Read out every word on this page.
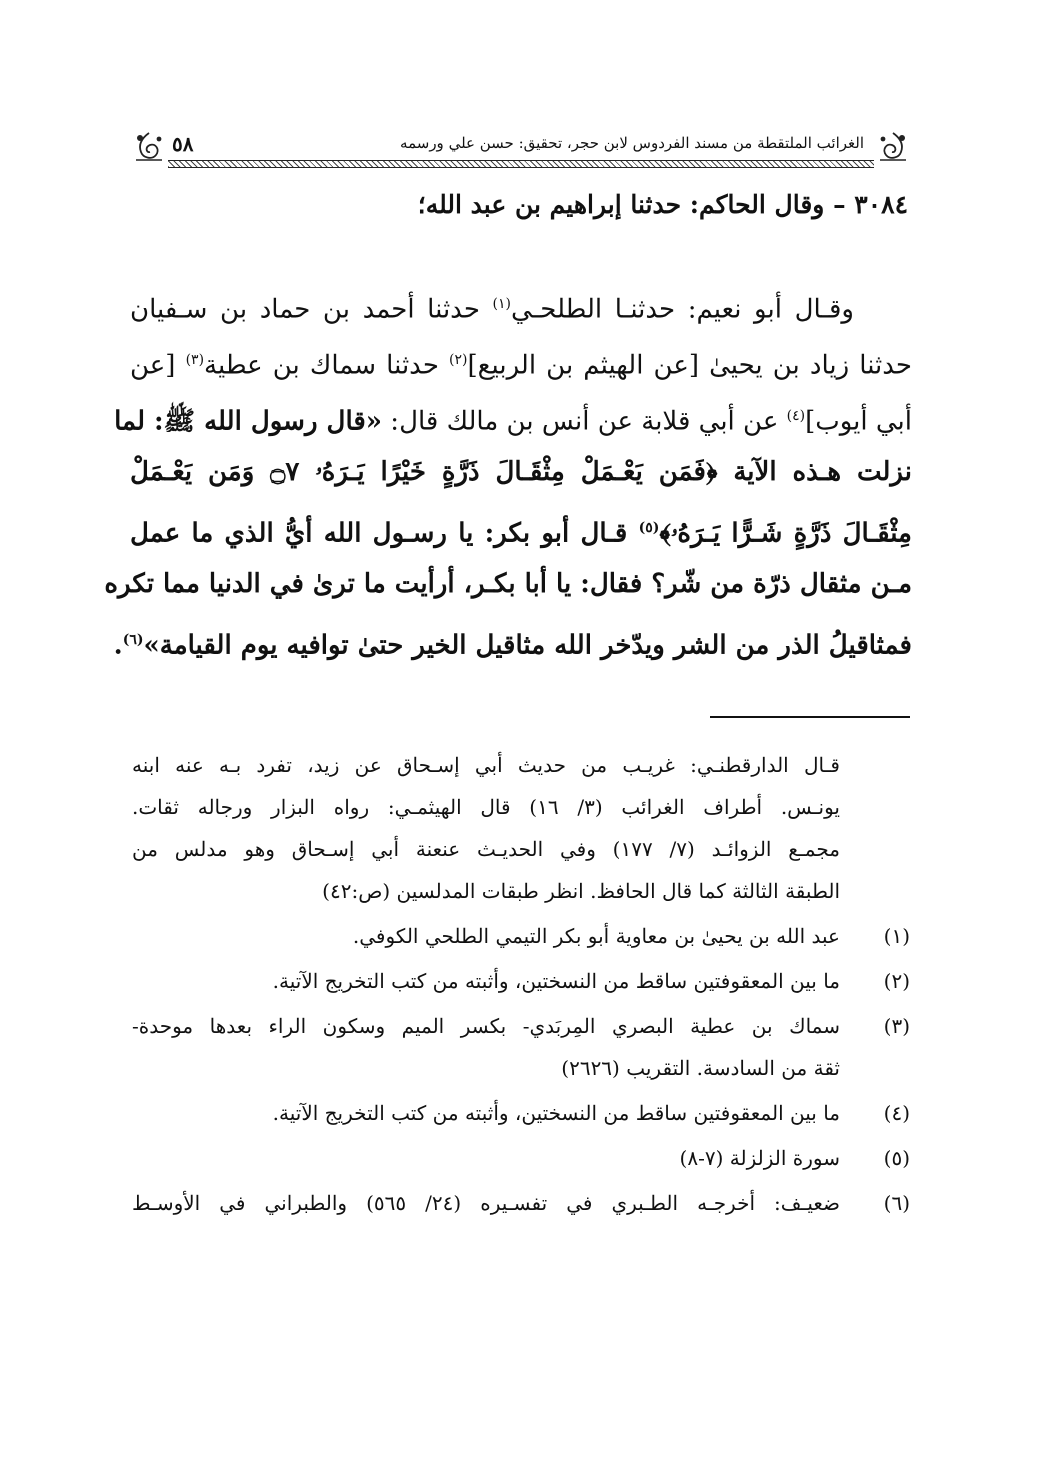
٥٨	الغرائب الملتقطة من مسند الفردوس لابن حجر، تحقيق: حسن علي ورسمه
٣٠٨٤ – وقال الحاكم: حدثنا إبراهيم بن عبد الله؛
وقـال أبو نعيم: حدثنـا الطلحـي$^{(١)}$ حدثنا أحمد بن حماد بن سـفيان
حدثنا زياد بن يحيىٰ [عن الهيثم بن الربيع]$^{(٢)}$ حدثنا سماك بن عطية$^{(٣)}$ [عن
أبي أيوب]$^{(٤)}$ عن أبي قلابة عن أنس بن مالك قال: «قال رسول الله ﷺ: لما
نزلت هـذه الآية ﴿فَمَن يَعْـمَلْ مِثْقَـالَ ذَرَّةٍ خَيْرًا يَـرَهُۥ ۝٧ وَمَن يَعْـمَلْ
مِثْقَـالَ ذَرَّةٍ شَـرًّا يَـرَهُۥ﴾$^{(٥)}$ قـال أبو بكر: يا رسـول الله أيُّ الذي ما عمل
مـن مثقال ذرّة من شّر؟ فقال: يا أبا بكـر، أرأيت ما ترىٰ في الدنيا مما تكره
فمثاقيلُ الذر من الشر ويدّخر الله مثاقيل الخير حتىٰ توافيه يوم القيامة»$^{(٦)}$.
قـال الدارقطنـي: غريـب من حديث أبي إسـحاق عن زيد، تفرد بـه عنه ابنه
يونـس. أطراف الغرائب (٣/ ١٦) قال الهيثمـي: رواه البزار ورجاله ثقات.
مجمـع الزوائـد (٧/ ١٧٧) وفي الحديـث عنعنة أبي إسـحاق وهو مدلس من
الطبقة الثالثة كما قال الحافظ. انظر طبقات المدلسين (ص:٤٢)
(١)
عبد الله بن يحيىٰ بن معاوية أبو بكر التيمي الطلحي الكوفي.
(٢)
ما بين المعقوفتين ساقط من النسختين، وأثبته من كتب التخريج الآتية.
(٣)
سماك بن عطية البصري المِربَدي- بكسر الميم وسكون الراء بعدها موحدة-
ثقة من السادسة. التقريب (٢٦٢٦)
(٤)
ما بين المعقوفتين ساقط من النسختين، وأثبته من كتب التخريج الآتية.
(٥)
سورة الزلزلة (٧-٨)
(٦)
ضعيـف: أخرجـه الطـبري في تفسـيره (٢٤/ ٥٦٥) والطبراني في الأوسـط
